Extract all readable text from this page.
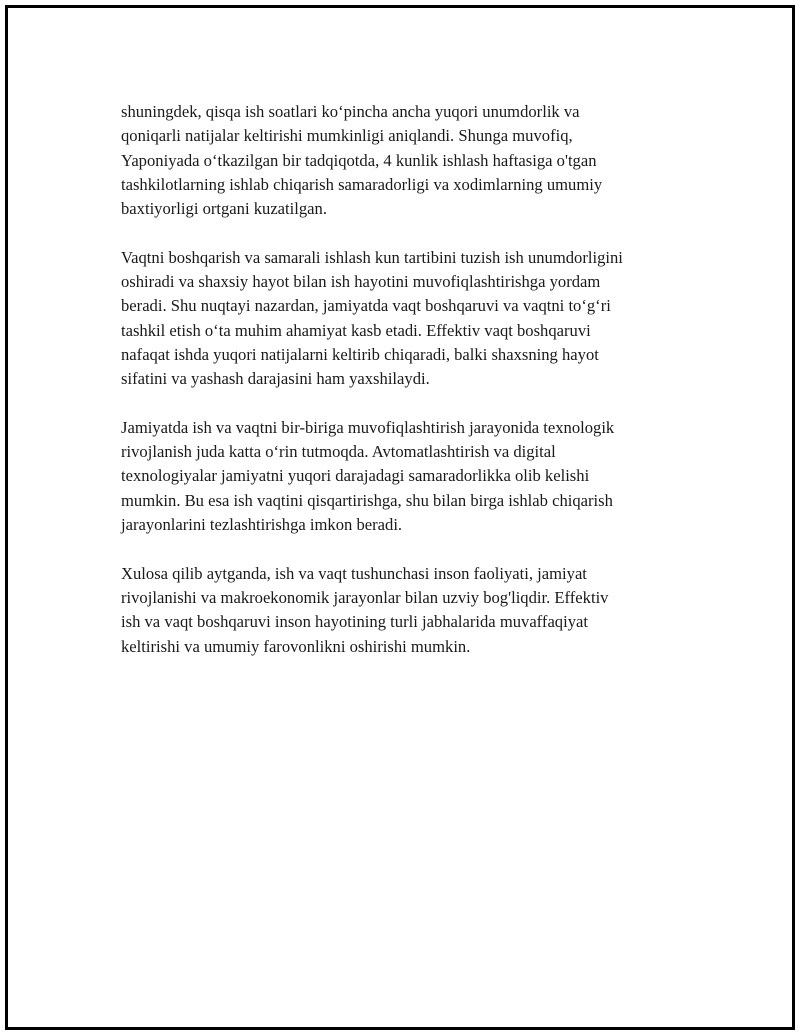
shuningdek, qisqa ish soatlari ko‘pincha ancha yuqori unumdorlik va
qoniqarli natijalar keltirishi mumkinligi aniqlandi. Shunga muvofiq,
Yaponiyada o‘tkazilgan bir tadqiqotda, 4 kunlik ishlash haftasiga o'tgan
tashkilotlarning ishlab chiqarish samaradorligi va xodimlarning umumiy
baxtiyorligi ortgani kuzatilgan.

Vaqtni boshqarish va samarali ishlash kun tartibini tuzish ish unumdorligini
oshiradi va shaxsiy hayot bilan ish hayotini muvofiqlashtirishga yordam
beradi. Shu nuqtayi nazardan, jamiyatda vaqt boshqaruvi va vaqtni to‘g‘ri
tashkil etish o‘ta muhim ahamiyat kasb etadi. Effektiv vaqt boshqaruvi
nafaqat ishda yuqori natijalarni keltirib chiqaradi, balki shaxsning hayot
sifatini va yashash darajasini ham yaxshilaydi.

Jamiyatda ish va vaqtni bir-biriga muvofiqlashtirish jarayonida texnologik
rivojlanish juda katta o‘rin tutmoqda. Avtomatlashtirish va digital
texnologiyalar jamiyatni yuqori darajadagi samaradorlikka olib kelishi
mumkin. Bu esa ish vaqtini qisqartirishga, shu bilan birga ishlab chiqarish
jarayonlarini tezlashtirishga imkon beradi.

Xulosa qilib aytganda, ish va vaqt tushunchasi inson faoliyati, jamiyat
rivojlanishi va makroekonomik jarayonlar bilan uzviy bog'liqdir. Effektiv
ish va vaqt boshqaruvi inson hayotining turli jabhalarida muvaffaqiyat
keltirishi va umumiy farovonlikni oshirishi mumkin.
